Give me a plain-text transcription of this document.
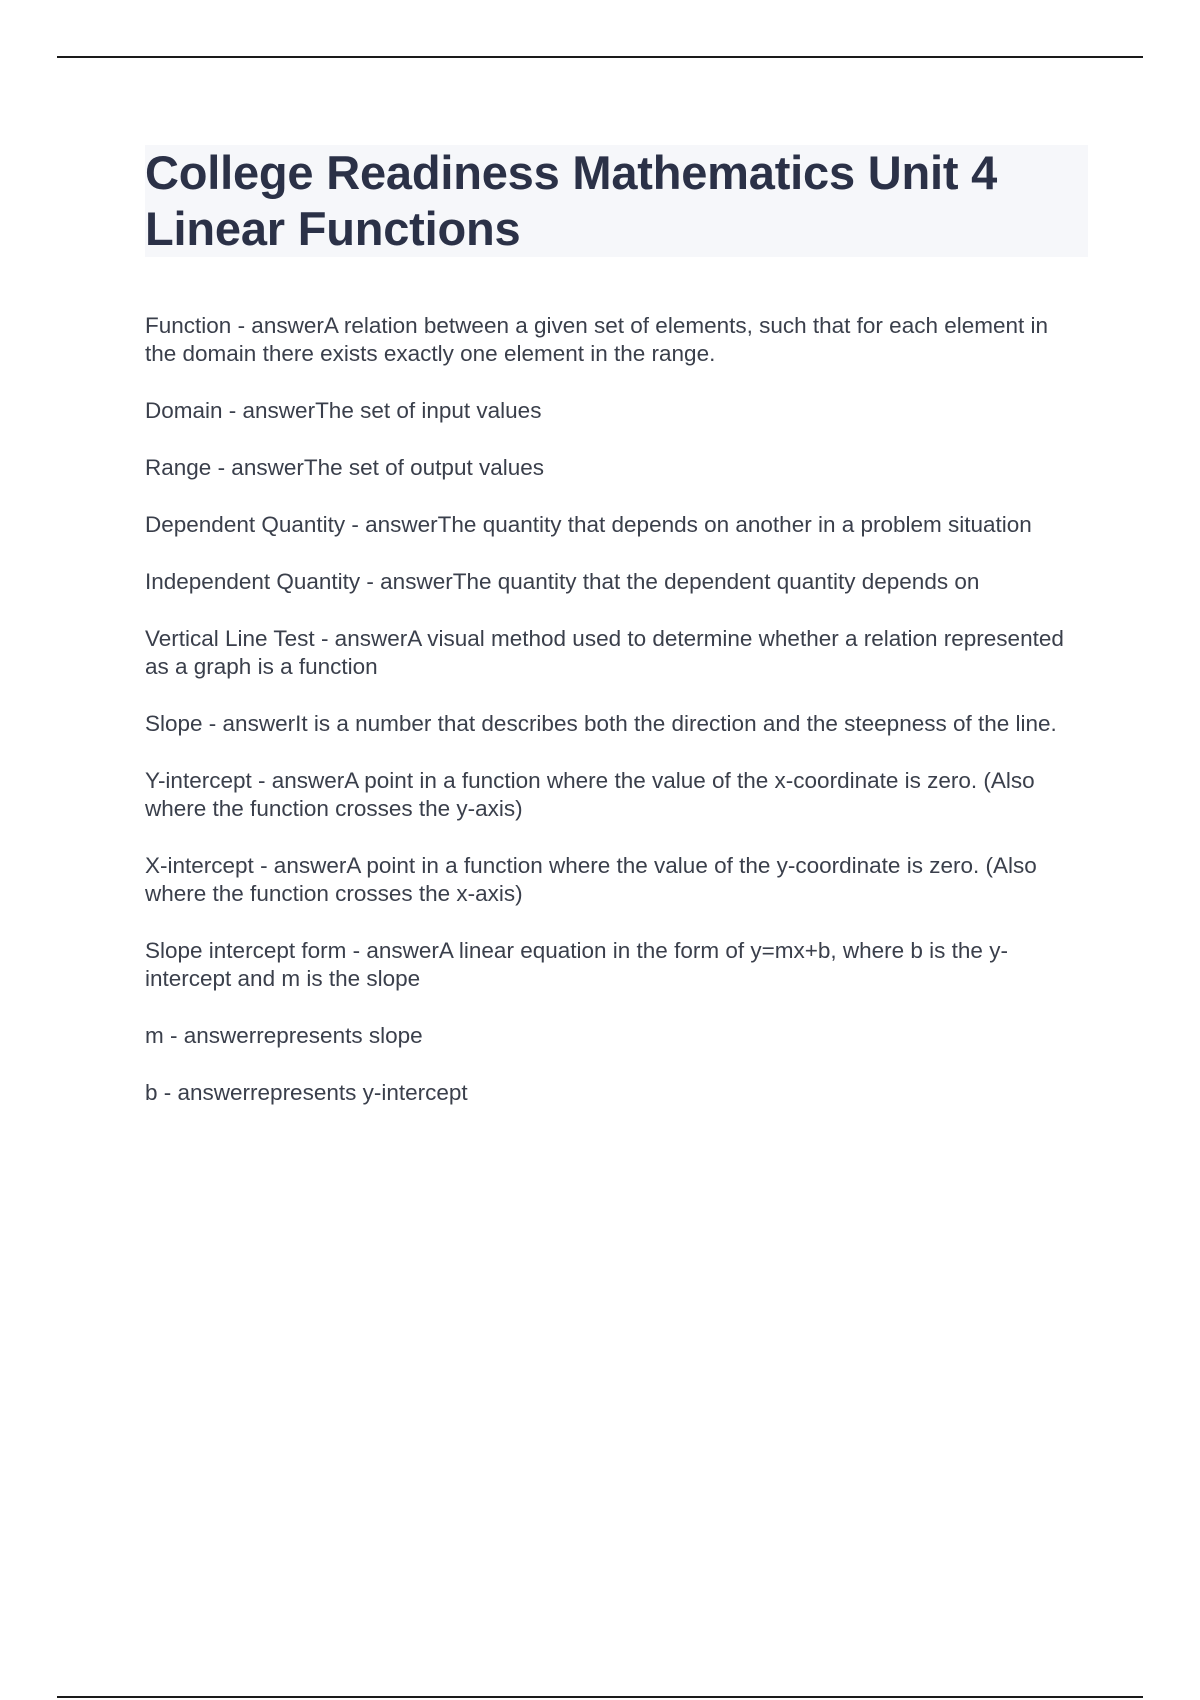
College Readiness Mathematics Unit 4
Linear Functions

Function - answerA relation between a given set of elements, such that for each element in the domain there exists exactly one element in the range.

Domain - answerThe set of input values

Range - answerThe set of output values

Dependent Quantity - answerThe quantity that depends on another in a problem situation

Independent Quantity - answerThe quantity that the dependent quantity depends on

Vertical Line Test - answerA visual method used to determine whether a relation represented as a graph is a function

Slope - answerIt is a number that describes both the direction and the steepness of the line.

Y-intercept - answerA point in a function where the value of the x-coordinate is zero. (Also where the function crosses the y-axis)

X-intercept - answerA point in a function where the value of the y-coordinate is zero. (Also where the function crosses the x-axis)

Slope intercept form - answerA linear equation in the form of y=mx+b, where b is the y-intercept and m is the slope

m - answerrepresents slope

b - answerrepresents y-intercept
